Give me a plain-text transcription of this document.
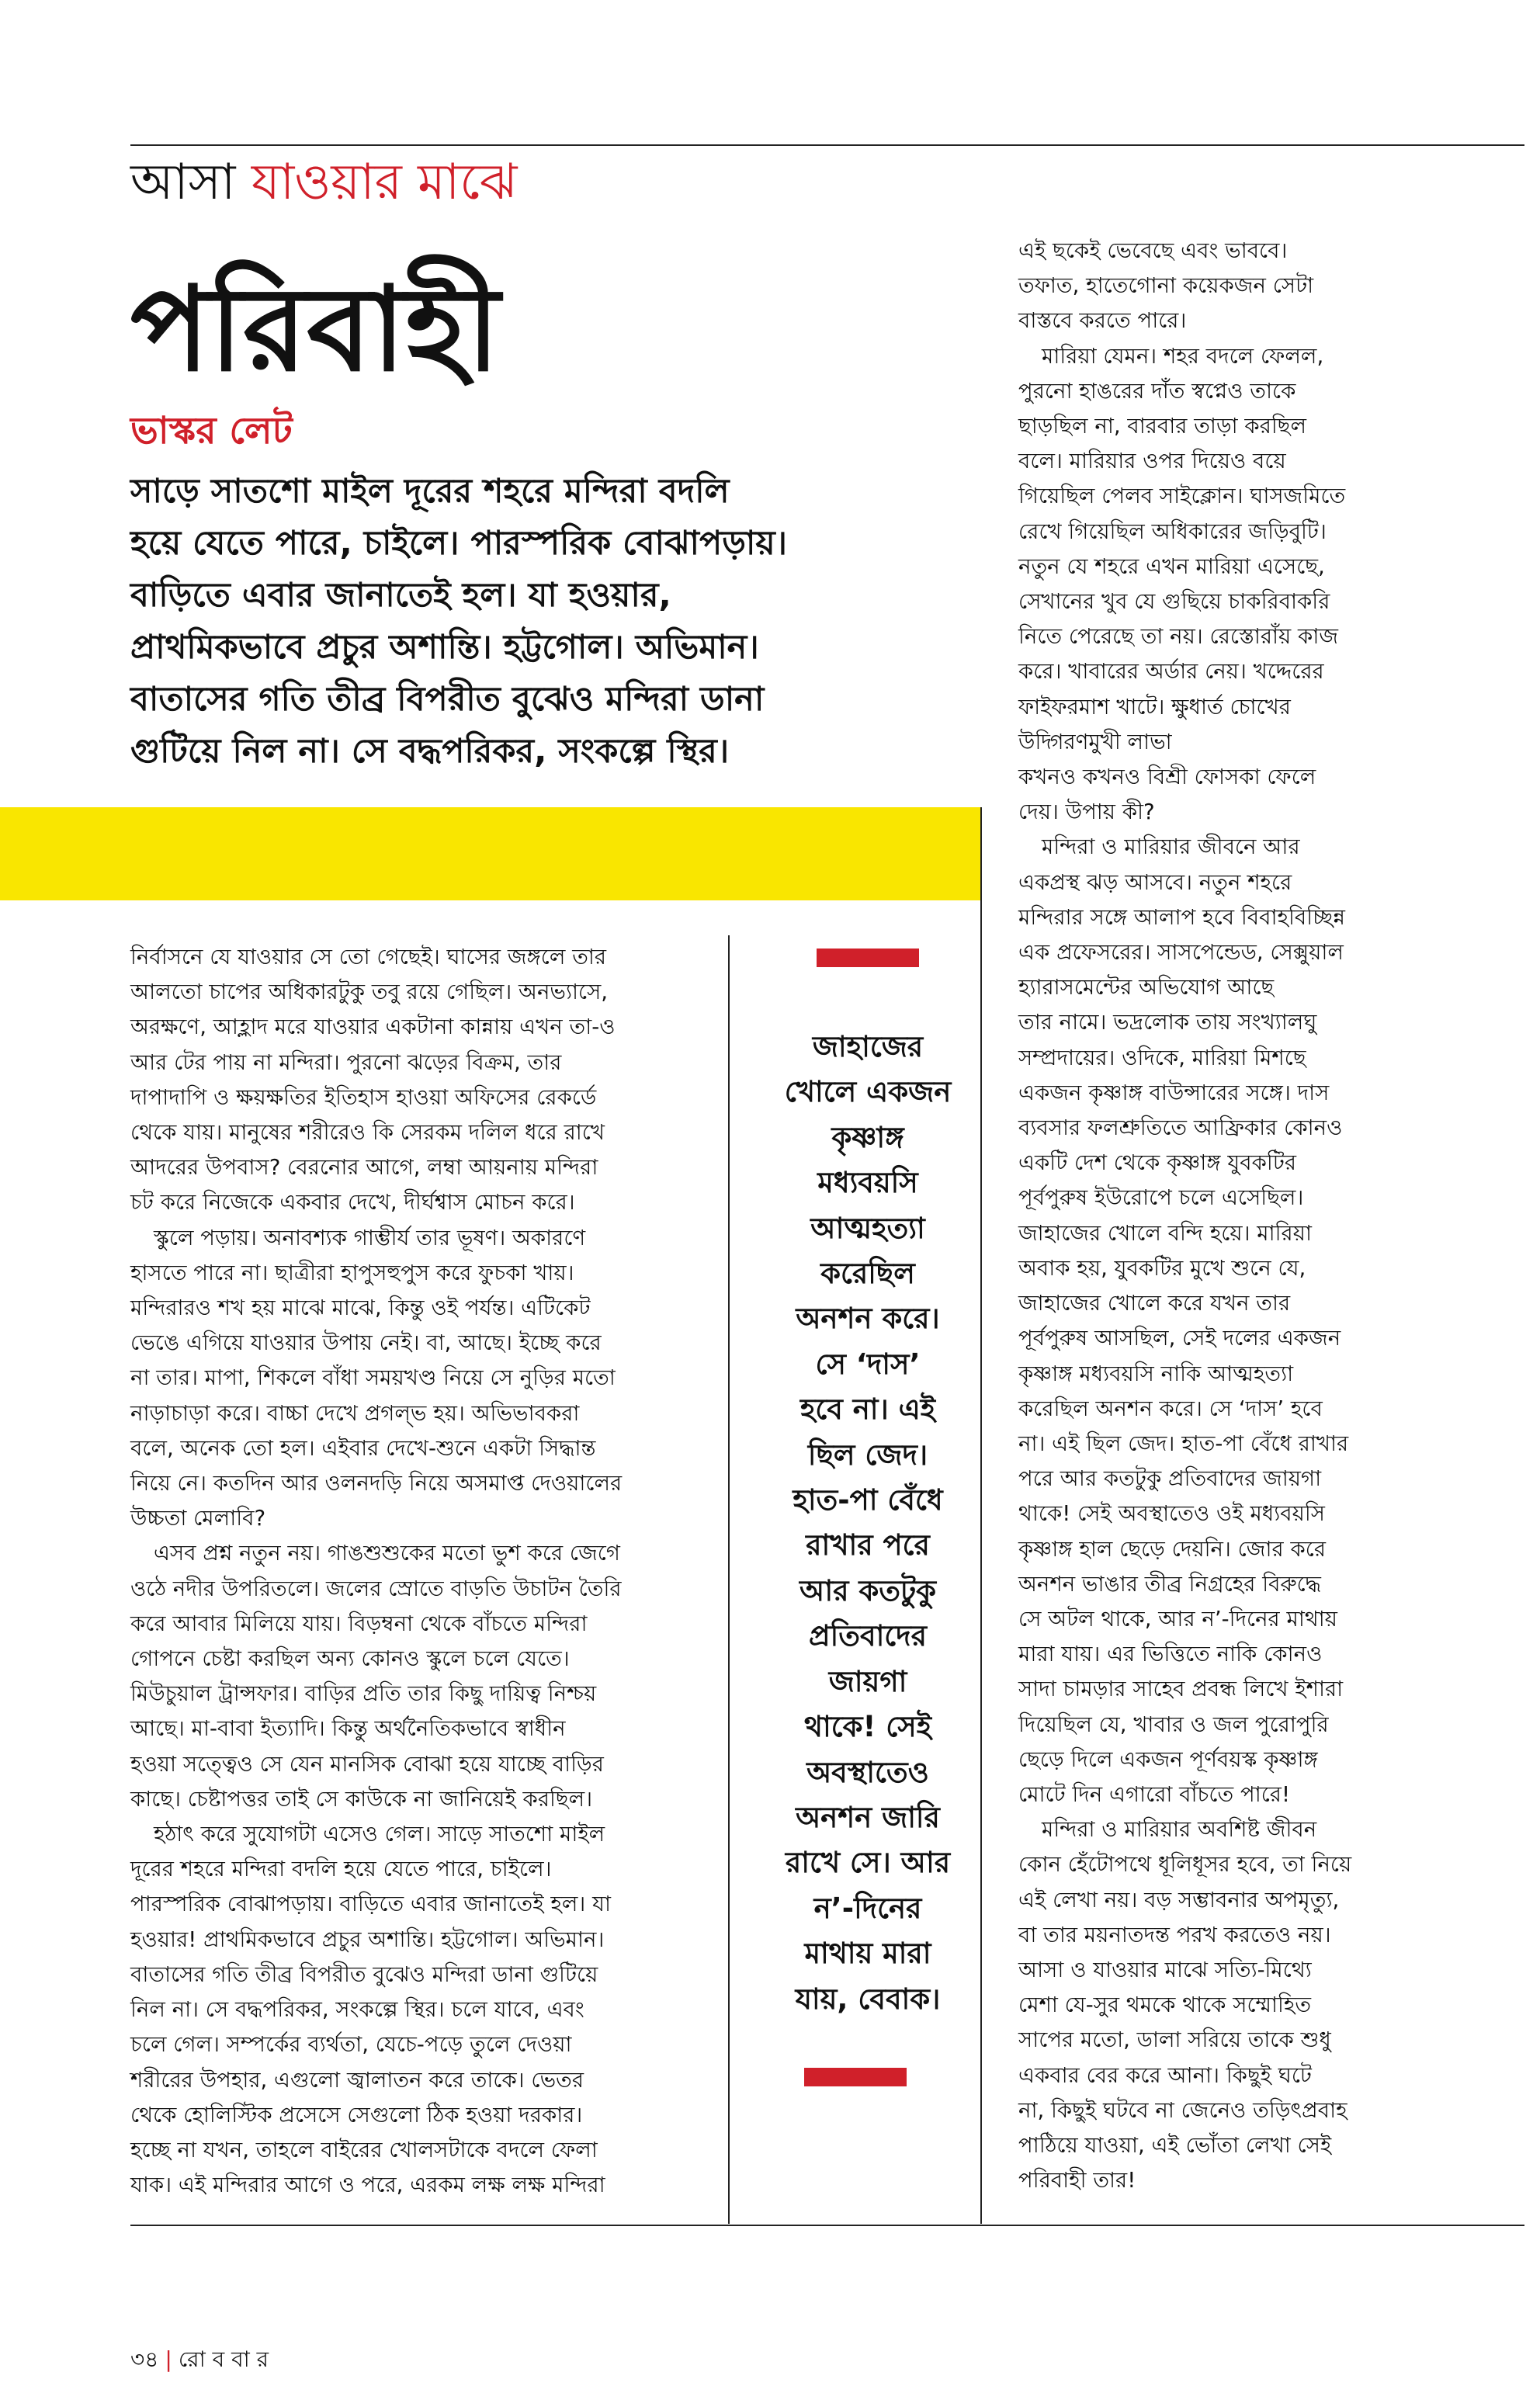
আসা যাওয়ার মাঝে
পরিবাহী
ভাস্কর লেট

সাড়ে সাতশো মাইল দূরের শহরে মন্দিরা বদলি

হয়ে যেতে পারে, চাইলে। পারস্পরিক বোঝাপড়ায়।

বাড়িতে এবার জানাতেই হল। যা হওয়ার,

প্রাথমিকভাবে প্রচুর অশান্তি। হট্টগোল। অভিমান।

বাতাসের গতি তীব্র বিপরীত বুঝেও মন্দিরা ডানা

গুটিয়ে নিল না। সে বদ্ধপরিকর, সংকল্পে স্থির।

নির্বাসনে যে যাওয়ার সে তো গেছেই। ঘাসের জঙ্গলে তার

আলতো চাপের অধিকারটুকু তবু রয়ে গেছিল। অনভ্যাসে,

অরক্ষণে, আহ্লাদ মরে যাওয়ার একটানা কান্নায় এখন তা-ও

আর টের পায় না মন্দিরা। পুরনো ঝড়ের বিক্রম, তার

দাপাদাপি ও ক্ষয়ক্ষতির ইতিহাস হাওয়া অফিসের রেকর্ডে

থেকে যায়। মানুষের শরীরেও কি সেরকম দলিল ধরে রাখে

আদরের উপবাস? বেরনোর আগে, লম্বা আয়নায় মন্দিরা

চট করে নিজেকে একবার দেখে, দীর্ঘশ্বাস মোচন করে।

স্কুলে পড়ায়। অনাবশ্যক গাম্ভীর্য তার ভূষণ। অকারণে

হাসতে পারে না। ছাত্রীরা হাপুসহুপুস করে ফুচকা খায়।

মন্দিরারও শখ হয় মাঝে মাঝে, কিন্তু ওই পর্যন্ত। এটিকেট

ভেঙে এগিয়ে যাওয়ার উপায় নেই। বা, আছে। ইচ্ছে করে

না তার। মাপা, শিকলে বাঁধা সময়খণ্ড নিয়ে সে নুড়ির মতো

নাড়াচাড়া করে। বাচ্চা দেখে প্রগল্ভ হয়। অভিভাবকরা

বলে, অনেক তো হল। এইবার দেখে-শুনে একটা সিদ্ধান্ত

নিয়ে নে। কতদিন আর ওলনদড়ি নিয়ে অসমাপ্ত দেওয়ালের

উচ্চতা মেলাবি?

এসব প্রশ্ন নতুন নয়। গাঙশুশুকের মতো ভুশ করে জেগে

ওঠে নদীর উপরিতলে। জলের স্রোতে বাড়তি উচাটন তৈরি

করে আবার মিলিয়ে যায়। বিড়ম্বনা থেকে বাঁচতে মন্দিরা

গোপনে চেষ্টা করছিল অন্য কোনও স্কুলে চলে যেতে।

মিউচুয়াল ট্রান্সফার। বাড়ির প্রতি তার কিছু দায়িত্ব নিশ্চয়

আছে। মা-বাবা ইত্যাদি। কিন্তু অর্থনৈতিকভাবে স্বাধীন

হওয়া সত্ত্বেও সে যেন মানসিক বোঝা হয়ে যাচ্ছে বাড়ির

কাছে। চেষ্টাপত্তর তাই সে কাউকে না জানিয়েই করছিল।

হঠাৎ করে সুযোগটা এসেও গেল। সাড়ে সাতশো মাইল

দূরের শহরে মন্দিরা বদলি হয়ে যেতে পারে, চাইলে।

পারস্পরিক বোঝাপড়ায়। বাড়িতে এবার জানাতেই হল। যা

হওয়ার! প্রাথমিকভাবে প্রচুর অশান্তি। হট্টগোল। অভিমান।

বাতাসের গতি তীব্র বিপরীত বুঝেও মন্দিরা ডানা গুটিয়ে

নিল না। সে বদ্ধপরিকর, সংকল্পে স্থির। চলে যাবে, এবং

চলে গেল। সম্পর্কের ব্যর্থতা, যেচে-পড়ে তুলে দেওয়া

শরীরের উপহার, এগুলো জ্বালাতন করে তাকে। ভেতর

থেকে হোলিস্টিক প্রসেসে সেগুলো ঠিক হওয়া দরকার।

হচ্ছে না যখন, তাহলে বাইরের খোলসটাকে বদলে ফেলা

যাক। এই মন্দিরার আগে ও পরে, এরকম লক্ষ লক্ষ মন্দিরা

জাহাজের

খোলে একজন

কৃষ্ণাঙ্গ

মধ্যবয়সি

আত্মহত্যা

করেছিল

অনশন করে।

সে ‘দাস’

হবে না। এই

ছিল জেদ।

হাত-পা বেঁধে

রাখার পরে

আর কতটুকু

প্রতিবাদের

জায়গা

থাকে! সেই

অবস্থাতেও

অনশন জারি

রাখে সে। আর

ন’-দিনের

মাথায় মারা

যায়, বেবাক।

এই ছকেই ভেবেছে এবং ভাববে।

তফাত, হাতেগোনা কয়েকজন সেটা

বাস্তবে করতে পারে।

মারিয়া যেমন। শহর বদলে ফেলল,

পুরনো হাঙরের দাঁত স্বপ্নেও তাকে

ছাড়ছিল না, বারবার তাড়া করছিল

বলে। মারিয়ার ওপর দিয়েও বয়ে

গিয়েছিল পেলব সাইক্লোন। ঘাসজমিতে

রেখে গিয়েছিল অধিকারের জড়িবুটি।

নতুন যে শহরে এখন মারিয়া এসেছে,

সেখানের খুব যে গুছিয়ে চাকরিবাকরি

নিতে পেরেছে তা নয়। রেস্তোরাঁয় কাজ

করে। খাবারের অর্ডার নেয়। খদ্দেরের

ফাইফরমাশ খাটে। ক্ষুধার্ত চোখের

উদ্গিরণমুখী লাভা

কখনও কখনও বিশ্রী ফোসকা ফেলে

দেয়। উপায় কী?

মন্দিরা ও মারিয়ার জীবনে আর

একপ্রস্থ ঝড় আসবে। নতুন শহরে

মন্দিরার সঙ্গে আলাপ হবে বিবাহবিচ্ছিন্ন

এক প্রফেসরের। সাসপেন্ডেড, সেক্সুয়াল

হ্যারাসমেন্টের অভিযোগ আছে

তার নামে। ভদ্রলোক তায় সংখ্যালঘু

সম্প্রদায়ের। ওদিকে, মারিয়া মিশছে

একজন কৃষ্ণাঙ্গ বাউন্সারের সঙ্গে। দাস

ব্যবসার ফলশ্রুতিতে আফ্রিকার কোনও

একটি দেশ থেকে কৃষ্ণাঙ্গ যুবকটির

পূর্বপুরুষ ইউরোপে চলে এসেছিল।

জাহাজের খোলে বন্দি হয়ে। মারিয়া

অবাক হয়, যুবকটির মুখে শুনে যে,

জাহাজের খোলে করে যখন তার

পূর্বপুরুষ আসছিল, সেই দলের একজন

কৃষ্ণাঙ্গ মধ্যবয়সি নাকি আত্মহত্যা

করেছিল অনশন করে। সে ‘দাস’ হবে

না। এই ছিল জেদ। হাত-পা বেঁধে রাখার

পরে আর কতটুকু প্রতিবাদের জায়গা

থাকে! সেই অবস্থাতেও ওই মধ্যবয়সি

কৃষ্ণাঙ্গ হাল ছেড়ে দেয়নি। জোর করে

অনশন ভাঙার তীব্র নিগ্রহের বিরুদ্ধে

সে অটল থাকে, আর ন’-দিনের মাথায়

মারা যায়। এর ভিত্তিতে নাকি কোনও

সাদা চামড়ার সাহেব প্রবন্ধ লিখে ইশারা

দিয়েছিল যে, খাবার ও জল পুরোপুরি

ছেড়ে দিলে একজন পূর্ণবয়স্ক কৃষ্ণাঙ্গ

মোটে দিন এগারো বাঁচতে পারে!

মন্দিরা ও মারিয়ার অবশিষ্ট জীবন

কোন হেঁটোপথে ধূলিধূসর হবে, তা নিয়ে

এই লেখা নয়। বড় সম্ভাবনার অপমৃত্যু,

বা তার ময়নাতদন্ত পরখ করতেও নয়।

আসা ও যাওয়ার মাঝে সত্যি-মিথ্যে

মেশা যে-সুর থমকে থাকে সম্মোহিত

সাপের মতো, ডালা সরিয়ে তাকে শুধু

একবার বের করে আনা। কিছুই ঘটে

না, কিছুই ঘটবে না জেনেও তড়িৎপ্রবাহ

পাঠিয়ে যাওয়া, এই ভোঁতা লেখা সেই

পরিবাহী তার!

৩৪ | রো ব বা র
